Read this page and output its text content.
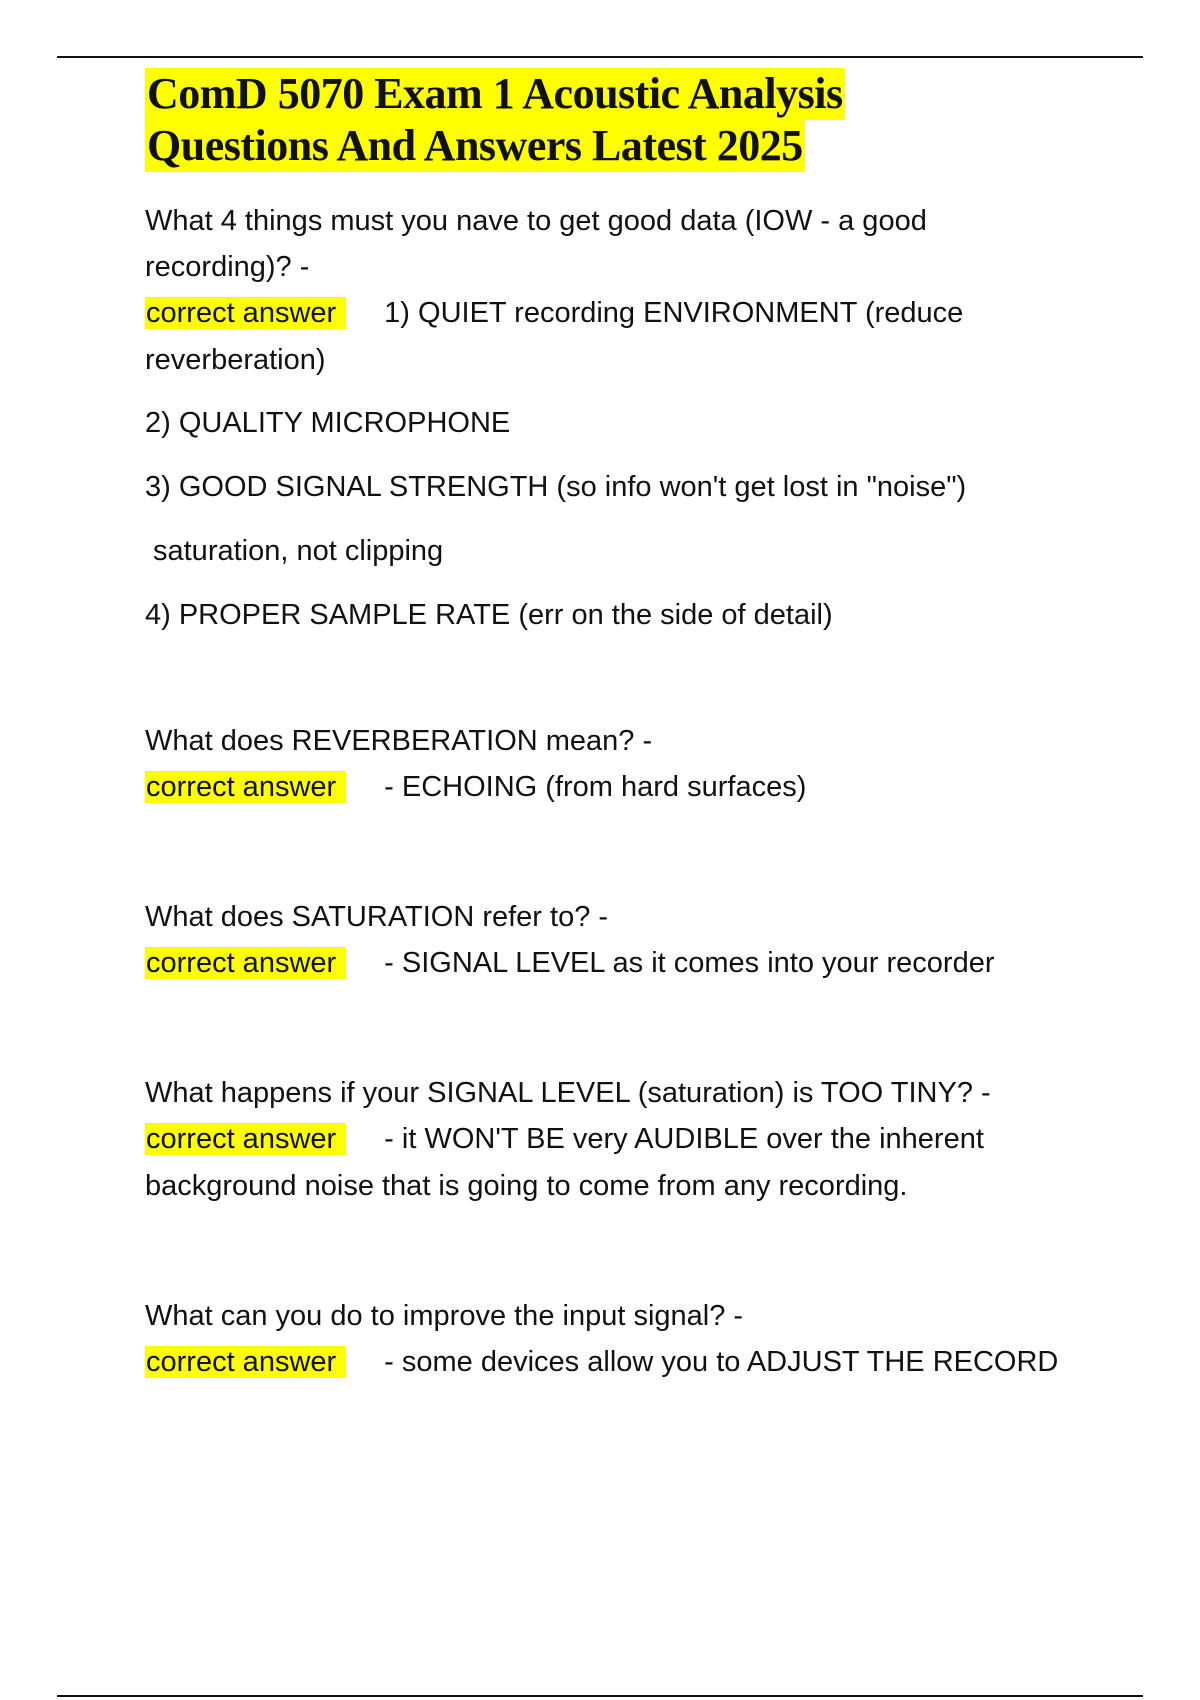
ComD 5070 Exam 1 Acoustic Analysis
Questions And Answers Latest 2025

What 4 things must you nave to get good data (IOW - a good recording)? -

correct answer 1) QUIET recording ENVIRONMENT (reduce reverberation)

2) QUALITY MICROPHONE

3) GOOD SIGNAL STRENGTH (so info won't get lost in "noise")

saturation, not clipping

4) PROPER SAMPLE RATE (err on the side of detail)

What does REVERBERATION mean? -

correct answer - ECHOING (from hard surfaces)

What does SATURATION refer to? -

correct answer - SIGNAL LEVEL as it comes into your recorder

What happens if your SIGNAL LEVEL (saturation) is TOO TINY? -

correct answer - it WON'T BE very AUDIBLE over the inherent background noise that is going to come from any recording.

What can you do to improve the input signal? -

correct answer - some devices allow you to ADJUST THE RECORD
